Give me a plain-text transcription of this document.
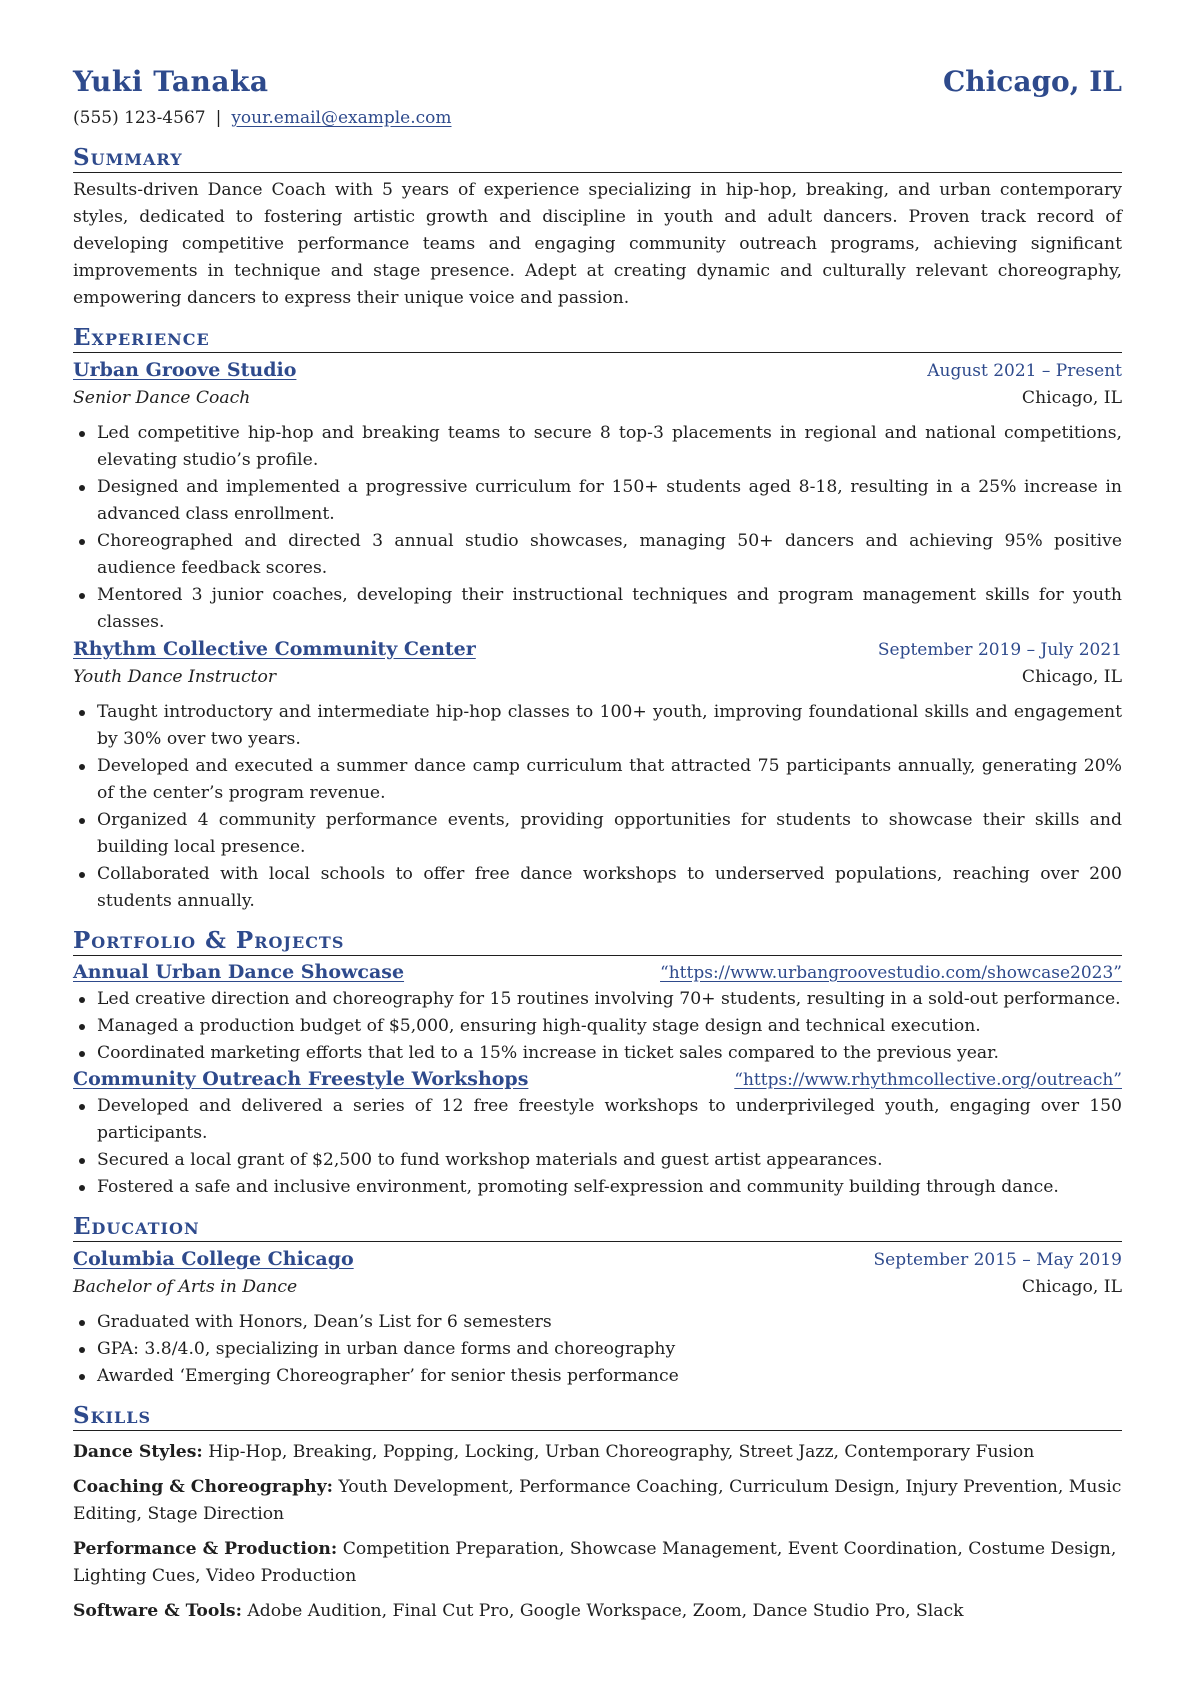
Yuki Tanaka	Chicago, IL
(555) 123-4567 | your.email@example.com
Summary

Results-driven Dance Coach with 5 years of experience specializing in hip-hop, breaking, and urban contemporary styles, dedicated to fostering artistic growth and discipline in youth and adult dancers. Proven track record of developing competitive performance teams and engaging community outreach programs, achieving significant improvements in technique and stage presence. Adept at creating dynamic and culturally relevant choreography, empowering dancers to express their unique voice and passion.

Experience
Urban Groove Studio	August 2021 – Present
Senior Dance Coach	Chicago, IL
Led competitive hip-hop and breaking teams to secure 8 top-3 placements in regional and national competitions, elevating studio’s profile.
Designed and implemented a progressive curriculum for 150+ students aged 8-18, resulting in a 25% increase in advanced class enrollment.
Choreographed and directed 3 annual studio showcases, managing 50+ dancers and achieving 95% positive audience feedback scores.
Mentored 3 junior coaches, developing their instructional techniques and program management skills for youth classes.
Rhythm Collective Community Center	September 2019 – July 2021
Youth Dance Instructor	Chicago, IL
Taught introductory and intermediate hip-hop classes to 100+ youth, improving foundational skills and engagement by 30% over two years.
Developed and executed a summer dance camp curriculum that attracted 75 participants annually, generating 20% of the center’s program revenue.
Organized 4 community performance events, providing opportunities for students to showcase their skills and building local presence.
Collaborated with local schools to offer free dance workshops to underserved populations, reaching over 200 students annually.
Portfolio & Projects
Annual Urban Dance Showcase	“https://www.urbangroovestudio.com/showcase2023”
Led creative direction and choreography for 15 routines involving 70+ students, resulting in a sold-out performance.
Managed a production budget of $5,000, ensuring high-quality stage design and technical execution.
Coordinated marketing efforts that led to a 15% increase in ticket sales compared to the previous year.
Community Outreach Freestyle Workshops	“https://www.rhythmcollective.org/outreach”
Developed and delivered a series of 12 free freestyle workshops to underprivileged youth, engaging over 150 participants.
Secured a local grant of $2,500 to fund workshop materials and guest artist appearances.
Fostered a safe and inclusive environment, promoting self-expression and community building through dance.
Education
Columbia College Chicago	September 2015 – May 2019
Bachelor of Arts in Dance	Chicago, IL
Graduated with Honors, Dean’s List for 6 semesters
GPA: 3.8/4.0, specializing in urban dance forms and choreography
Awarded ‘Emerging Choreographer’ for senior thesis performance
Skills
Dance Styles: Hip-Hop, Breaking, Popping, Locking, Urban Choreography, Street Jazz, Contemporary Fusion
Coaching & Choreography: Youth Development, Performance Coaching, Curriculum Design, Injury Prevention, Music Editing, Stage Direction
Performance & Production: Competition Preparation, Showcase Management, Event Coordination, Costume Design, Lighting Cues, Video Production
Software & Tools: Adobe Audition, Final Cut Pro, Google Workspace, Zoom, Dance Studio Pro, Slack
